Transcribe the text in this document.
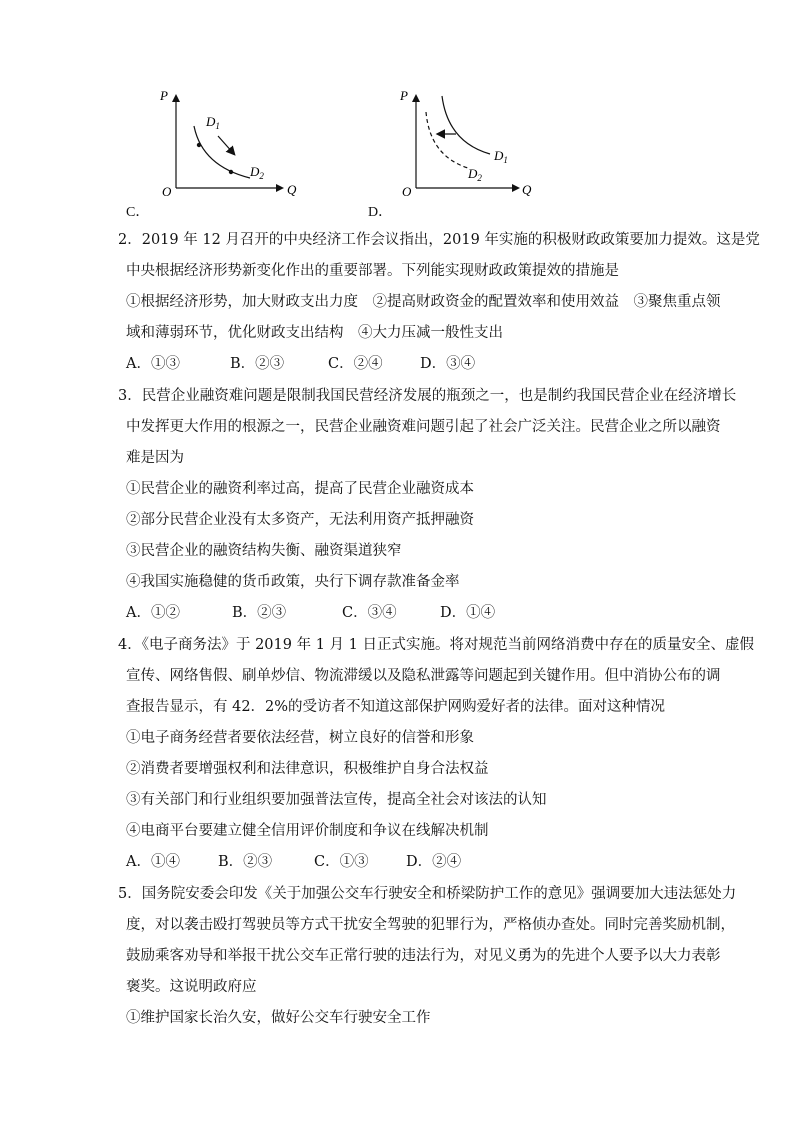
P
Q
O
$D_1$
$D_2$
C．
P
Q
O
$D_1$
$D_2$
D．
2．2019 年 12 月召开的中央经济工作会议指出，2019 年实施的积极财政政策要加力提效。这是党
中央根据经济形势新变化作出的重要部署。下列能实现财政政策提效的措施是
①根据经济形势，加大财政支出力度　②提高财政资金的配置效率和使用效益　③聚焦重点领
域和薄弱环节，优化财政支出结构　④大力压减一般性支出
A．①③	B．②③	C．②④	D．③④
3．民营企业融资难问题是限制我国民营经济发展的瓶颈之一，也是制约我国民营企业在经济增长
中发挥更大作用的根源之一，民营企业融资难问题引起了社会广泛关注。民营企业之所以融资
难是因为
①民营企业的融资利率过高，提高了民营企业融资成本
②部分民营企业没有太多资产，无法利用资产抵押融资
③民营企业的融资结构失衡、融资渠道狭窄
④我国实施稳健的货币政策，央行下调存款准备金率
A．①②	B．②③	C．③④	D．①④
4．《电子商务法》于 2019 年 1 月 1 日正式实施。将对规范当前网络消费中存在的质量安全、虚假
宣传、网络售假、刷单炒信、物流滞缓以及隐私泄露等问题起到关键作用。但中消协公布的调
查报告显示，有 42．2%的受访者不知道这部保护网购爱好者的法律。面对这种情况
①电子商务经营者要依法经营，树立良好的信誉和形象
②消费者要增强权利和法律意识，积极维护自身合法权益
③有关部门和行业组织要加强普法宣传，提高全社会对该法的认知
④电商平台要建立健全信用评价制度和争议在线解决机制
A．①④	B．②③	C．①③	D．②④
5．国务院安委会印发《关于加强公交车行驶安全和桥梁防护工作的意见》强调要加大违法惩处力
度，对以袭击殴打驾驶员等方式干扰安全驾驶的犯罪行为，严格侦办查处。同时完善奖励机制，
鼓励乘客劝导和举报干扰公交车正常行驶的违法行为，对见义勇为的先进个人要予以大力表彰
褒奖。这说明政府应
①维护国家长治久安，做好公交车行驶安全工作
